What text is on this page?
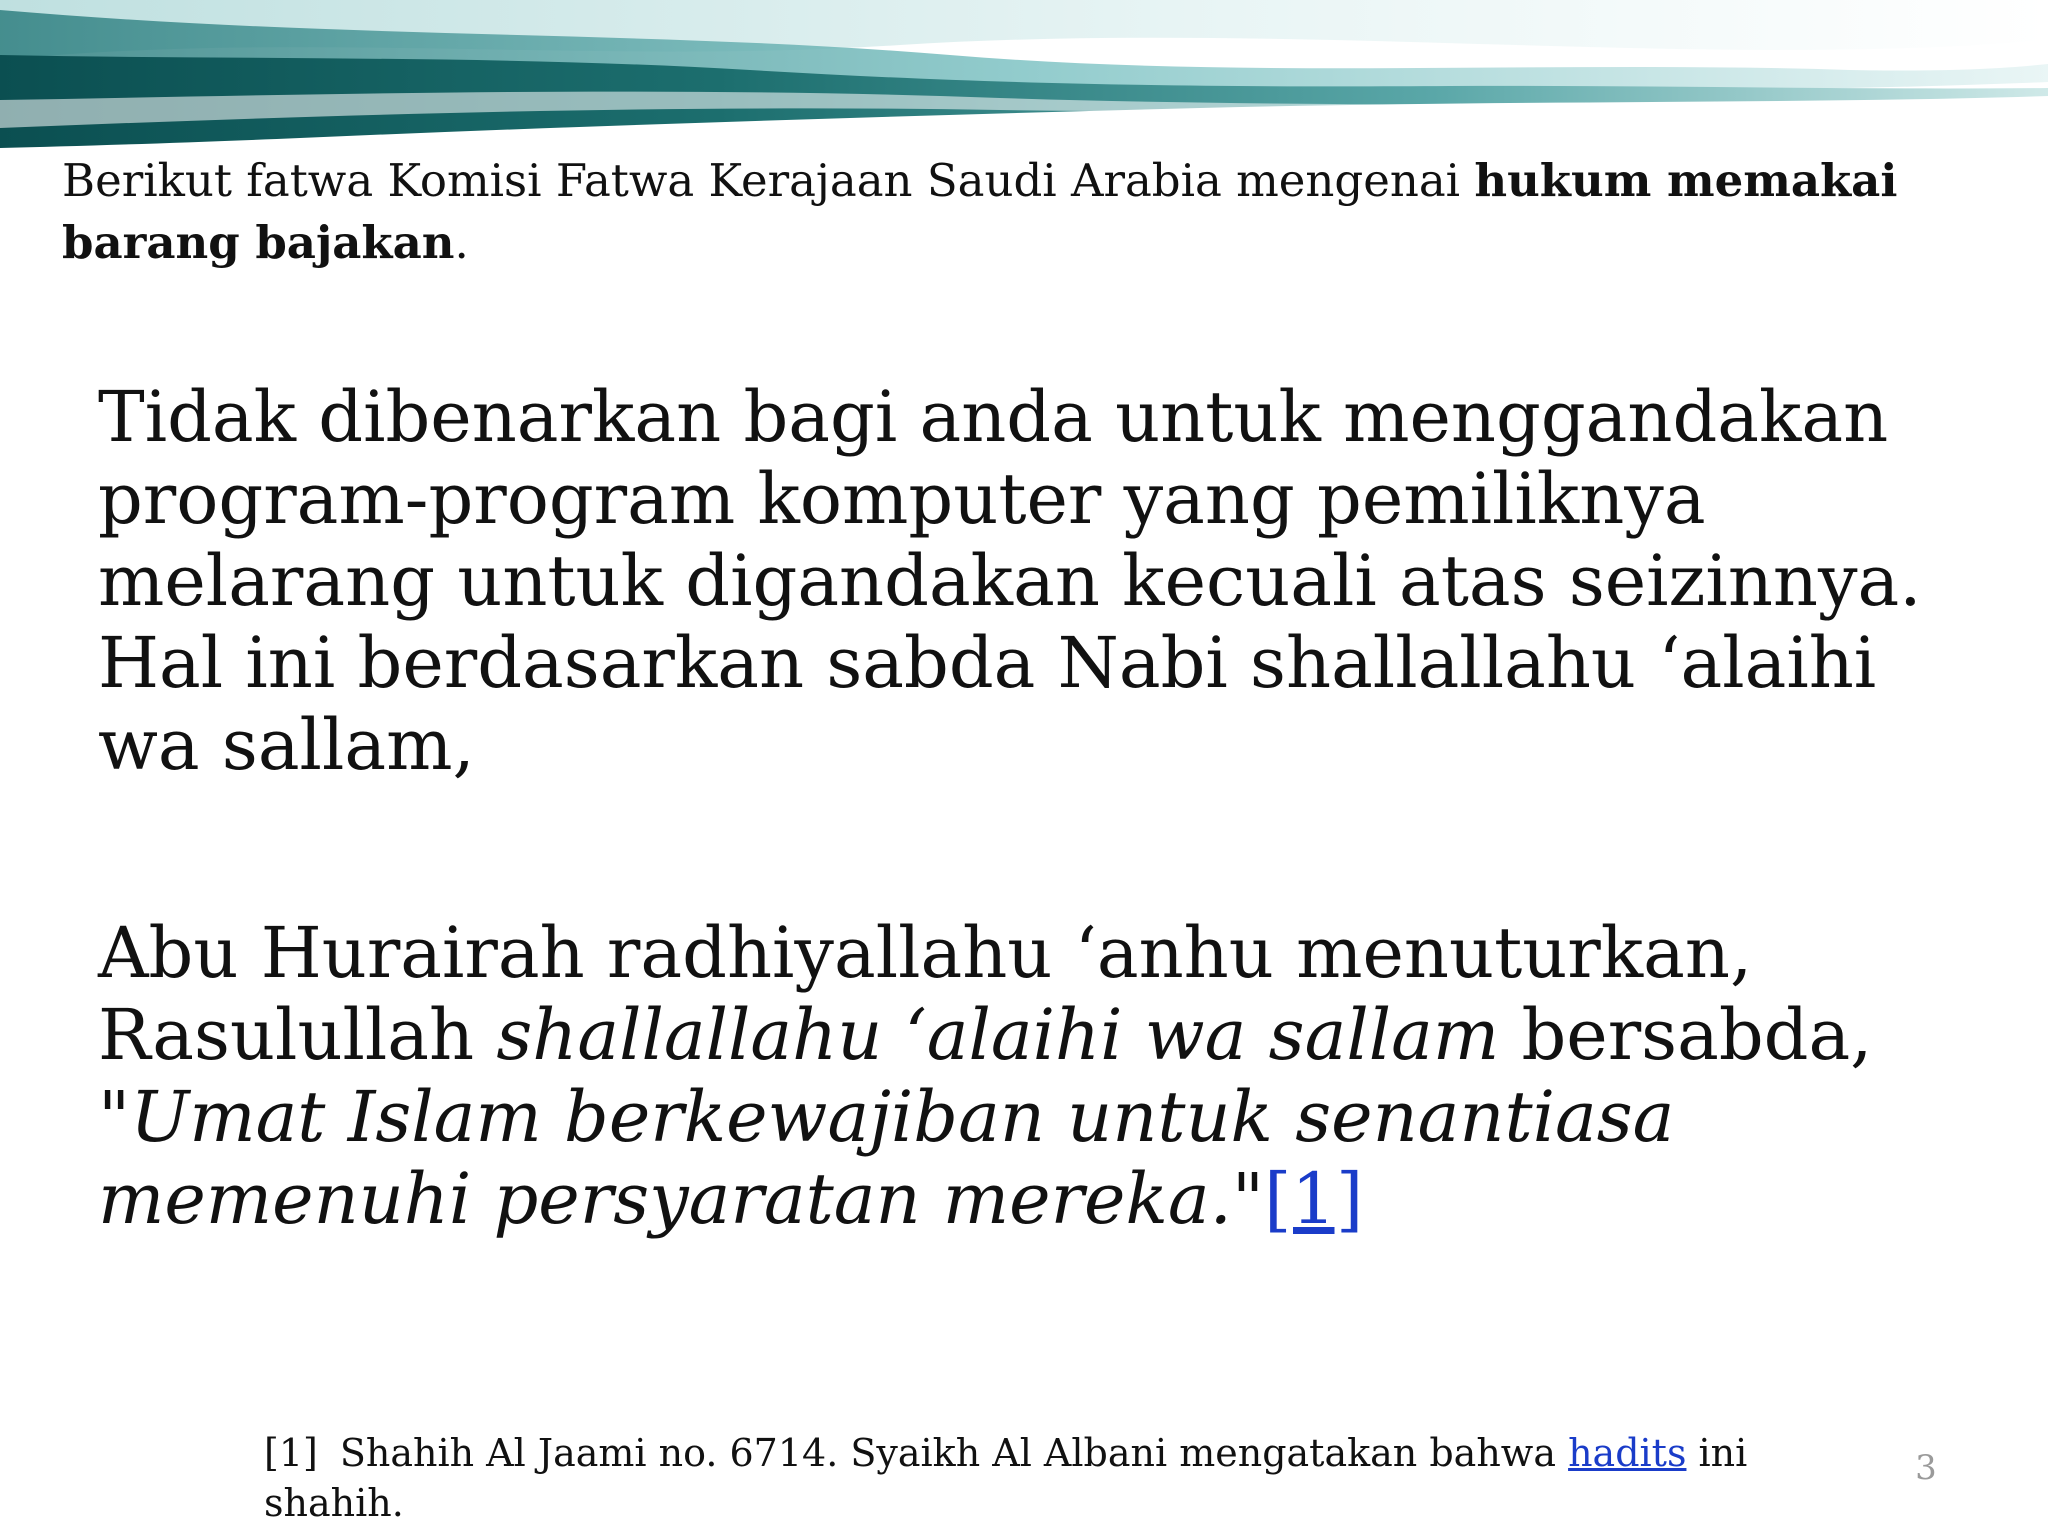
Berikut fatwa Komisi Fatwa Kerajaan Saudi Arabia mengenai hukum memakai barang bajakan.

Tidak dibenarkan bagi anda untuk menggandakan program-program komputer yang pemiliknya melarang untuk digandakan kecuali atas seizinnya. Hal ini berdasarkan sabda Nabi shallallahu ‘alaihi wa sallam,

Abu Hurairah radhiyallahu ‘anhu menuturkan, Rasulullah shallallahu ‘alaihi wa sallam bersabda, "Umat Islam berkewajiban untuk senantiasa memenuhi persyaratan mereka."[1]

[1] Shahih Al Jaami no. 6714. Syaikh Al Albani mengatakan bahwa hadits ini shahih.

3
